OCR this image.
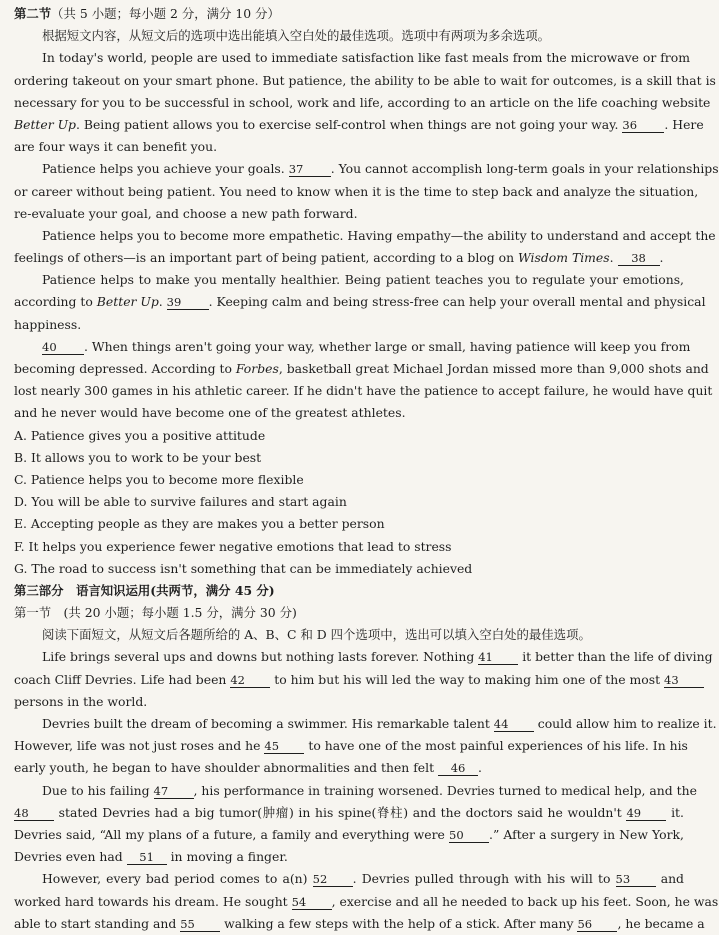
第二节（共 5 小题；每小题 2 分，满分 10 分）
根据短文内容，从短文后的选项中选出能填入空白处的最佳选项。选项中有两项为多余选项。
In today's world, people are used to immediate satisfaction like fast meals from the microwave or from
ordering takeout on your smart phone. But patience, the ability to be able to wait for outcomes, is a skill that is
necessary for you to be successful in school, work and life, according to an article on the life coaching website
Better Up. Being patient allows you to exercise self-control when things are not going your way. 36 . Here
are four ways it can benefit you.
Patience helps you achieve your goals. 37 . You cannot accomplish long-term goals in your relationships
or career without being patient. You need to know when it is the time to step back and analyze the situation,
re-evaluate your goal, and choose a new path forward.
Patience helps you to become more empathetic. Having empathy—the ability to understand and accept the
feelings of others—is an important part of being patient, according to a blog on Wisdom Times. 38 .
Patience helps to make you mentally healthier. Being patient teaches you to regulate your emotions,
according to Better Up. 39 . Keeping calm and being stress-free can help your overall mental and physical
happiness.
40 . When things aren't going your way, whether large or small, having patience will keep you from
becoming depressed. According to Forbes, basketball great Michael Jordan missed more than 9,000 shots and
lost nearly 300 games in his athletic career. If he didn't have the patience to accept failure, he would have quit
and he never would have become one of the greatest athletes.
A. Patience gives you a positive attitude
B. It allows you to work to be your best
C. Patience helps you to become more flexible
D. You will be able to survive failures and start again
E. Accepting people as they are makes you a better person
F. It helps you experience fewer negative emotions that lead to stress
G. The road to success isn't something that can be immediately achieved
第三部分　语言知识运用(共两节，满分 45 分)
第一节　(共 20 小题；每小题 1.5 分，满分 30 分)
阅读下面短文，从短文后各题所给的 A、B、C 和 D 四个选项中，选出可以填入空白处的最佳选项。
Life brings several ups and downs but nothing lasts forever. Nothing 41 it better than the life of diving
coach Cliff Devries. Life had been 42 to him but his will led the way to making him one of the most 43
persons in the world.
Devries built the dream of becoming a swimmer. His remarkable talent 44 could allow him to realize it.
However, life was not just roses and he 45 to have one of the most painful experiences of his life. In his
early youth, he began to have shoulder abnormalities and then felt 46 .
Due to his failing 47 , his performance in training worsened. Devries turned to medical help, and the
48 stated Devries had a big tumor(肿瘤) in his spine(脊柱) and the doctors said he wouldn't 49 it.
Devries said, “All my plans of a future, a family and everything were 50 .” After a surgery in New York,
Devries even had 51 in moving a finger.
However, every bad period comes to a(n) 52 . Devries pulled through with his will to 53 and
worked hard towards his dream. He sought 54 , exercise and all he needed to back up his feet. Soon, he was
able to start standing and 55 walking a few steps with the help of a stick. After many 56 , he became a
